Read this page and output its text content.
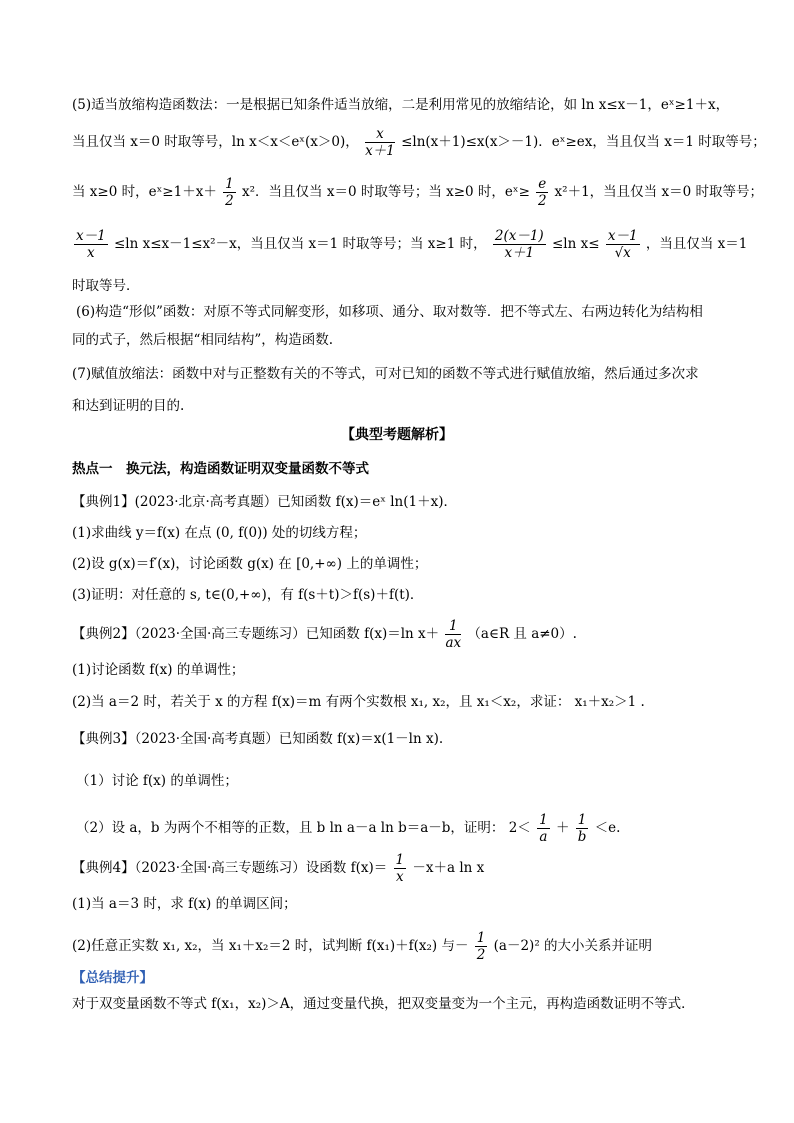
(5)适当放缩构造函数法：一是根据已知条件适当放缩，二是利用常见的放缩结论，如 ln x≤x－1，eˣ≥1＋x，
当且仅当 x＝0 时取等号，ln x＜x＜eˣ(x＞0)， $\frac{x}{x+1} \le\ln(x+1)\le x(x>-1)$．eˣ≥ex，当且仅当 x＝1 时取等号；
当 x≥0 时，eˣ≥1＋x＋ $\frac{1}{2} x^2$．当且仅当 x＝0 时取等号；当 x≥0 时，eˣ≥ $\frac{e}{2} x^2+1$，当且仅当 x＝0 时取等号；
$\frac{x-1}{x} \le\ln$ x≤x－1≤x²－x，当且仅当 x＝1 时取等号；当 x≥1 时， $\frac{2(x-1)}{x+1} \le\ln$ $x\le \frac{x-1}{√x}$ ，当且仅当 x＝1
时取等号．
(6)构造“形似”函数：对原不等式同解变形，如移项、通分、取对数等．把不等式左、右两边转化为结构相
同的式子，然后根据“相同结构”，构造函数.
(7)赋值放缩法：函数中对与正整数有关的不等式，可对已知的函数不等式进行赋值放缩，然后通过多次求
和达到证明的目的.
【典型考题解析】
热点一　换元法，构造函数证明双变量函数不等式
【典例1】(2023·北京·高考真题）已知函数 f(x)＝eˣ ln(1＋x)．
(1)求曲线 y＝f(x) 在点 (0, f(0)) 处的切线方程；
(2)设 g(x)＝f′(x)，讨论函数 g(x) 在 [0,+∞) 上的单调性；
(3)证明：对任意的 s, t∈(0,+∞)，有 f(s＋t)＞f(s)＋f(t)．
【典例2】（2023·全国·高三专题练习）已知函数 f(x)＝ln $x+ \frac{1}{ax}$ （a∈R 且 a≠0）.
(1)讨论函数 f(x) 的单调性；
(2)当 a＝2 时，若关于 x 的方程 f(x)＝m 有两个实数根 x₁, x₂，且 x₁＜x₂，求证： x₁＋x₂＞1 .
【典例3】（2023·全国·高考真题）已知函数 f(x)＝x(1－ln x).
（1）讨论 f(x) 的单调性；
（2）设 a，b 为两个不相等的正数，且 b ln a－a ln b＝a－b，证明： $2< \frac{1}{a} + \frac{1}{b} <e$.
【典例4】（2023·全国·高三专题练习）设函数 $f(x)= \frac{1}{x} -x+a$ ln x
(1)当 a＝3 时，求 f(x) 的单调区间；
(2)任意正实数 x₁, x₂，当 x₁＋x₂＝2 时，试判断 f(x₁)＋f(x₂) 与－ $\frac{1}{2} (a-2)^2$ 的大小关系并证明
【总结提升】
对于双变量函数不等式 f(x₁，x₂)＞A，通过变量代换，把双变量变为一个主元，再构造函数证明不等式．
